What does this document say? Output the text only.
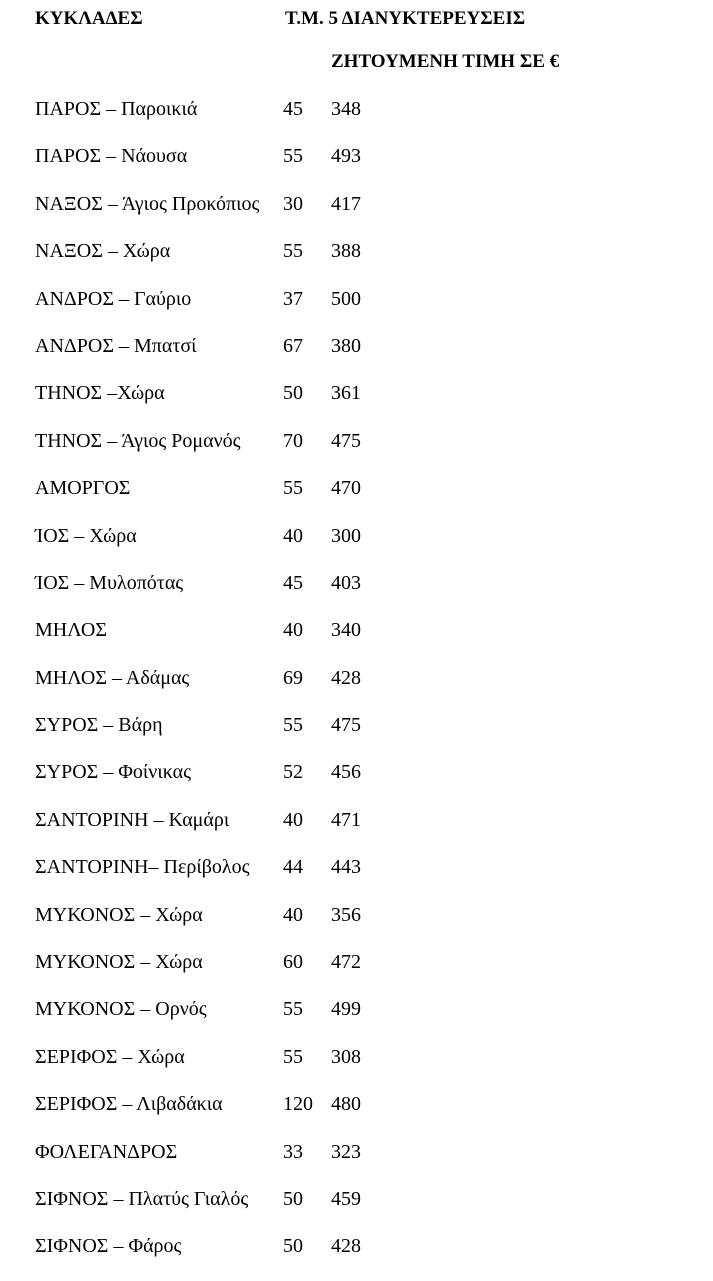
ΚΥΚΛΑΔΕΣ	Τ.Μ. 5 ΔΙΑΝΥΚΤΕΡΕΥΣΕΙΣ
ΖΗΤΟΥΜΕΝΗ ΤΙΜΗ ΣΕ €
ΠΑΡΟΣ – Παροικιά	45 348
ΠΑΡΟΣ – Νάουσα	55 493
ΝΑΞΟΣ – Άγιος Προκόπιος 30 417
ΝΑΞΟΣ – Χώρα	55 388
ΑΝΔΡΟΣ – Γαύριο	37 500
ΑΝΔΡΟΣ – Μπατσί	67 380
ΤΗΝΟΣ –Χώρα	50 361
ΤΗΝΟΣ – Άγιος Ρομανός 70 475
ΑΜΟΡΓΟΣ	55 470
ΊΟΣ – Χώρα	40 300
ΊΟΣ – Μυλοπότας	45 403
ΜΗΛΟΣ	40 340
ΜΗΛΟΣ – Αδάμας	69 428
ΣΥΡΟΣ – Βάρη	55 475
ΣΥΡΟΣ – Φοίνικας	52 456
ΣΑΝΤΟΡΙΝΗ – Καμάρι	40 471
ΣΑΝΤΟΡΙΝΗ– Περίβολος 44 443
ΜΥΚΟΝΟΣ – Χώρα	40 356
ΜΥΚΟΝΟΣ – Χώρα	60 472
ΜΥΚΟΝΟΣ – Ορνός	55 499
ΣΕΡΙΦΟΣ – Χώρα	55 308
ΣΕΡΙΦΟΣ – Λιβαδάκια	120 480
ΦΟΛΕΓΑΝΔΡΟΣ	33 323
ΣΙΦΝΟΣ – Πλατύς Γιαλός 50 459
ΣΙΦΝΟΣ – Φάρος	50 428
